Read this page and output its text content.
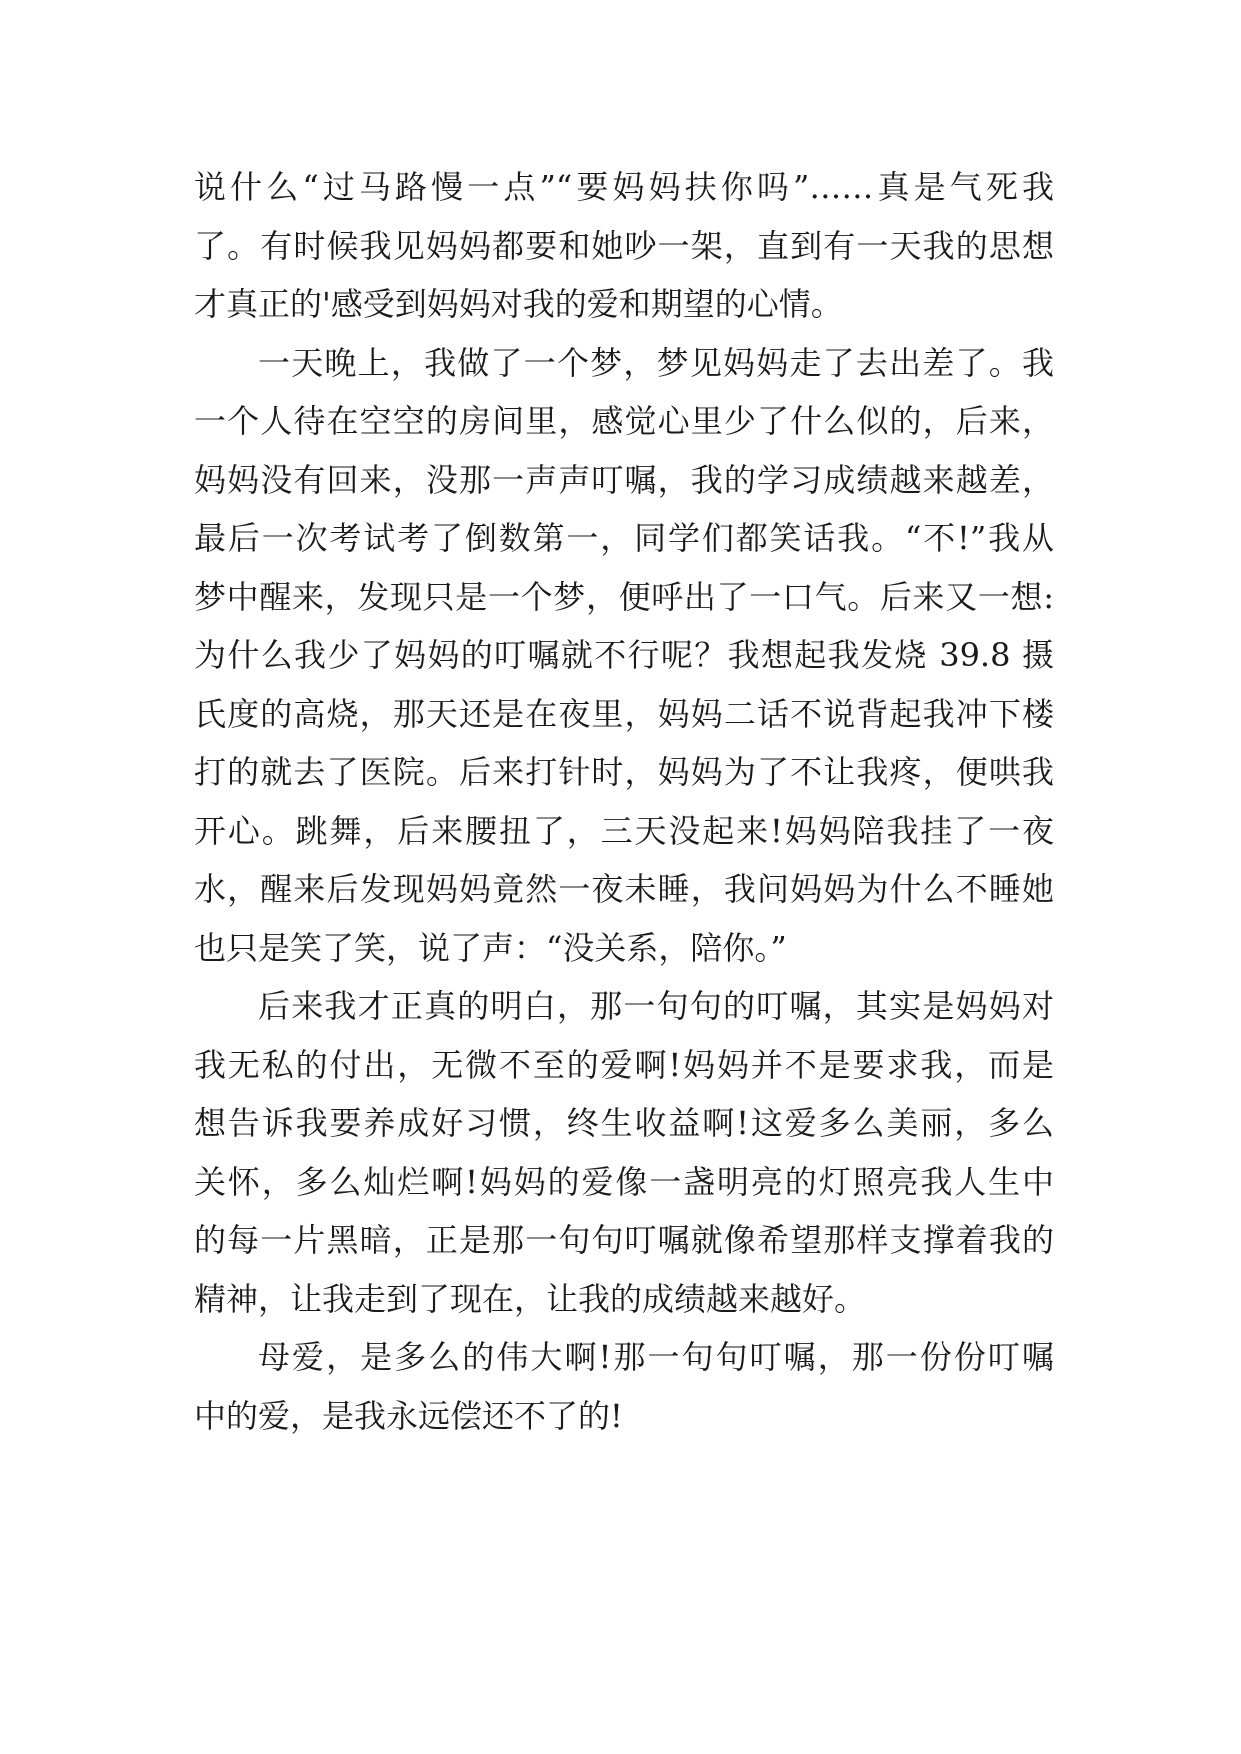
说什么“过马路慢一点”“要妈妈扶你吗”……真是气死我
了。有时候我见妈妈都要和她吵一架，直到有一天我的思想
才真正的'感受到妈妈对我的爱和期望的心情。
一天晚上，我做了一个梦，梦见妈妈走了去出差了。我
一个人待在空空的房间里，感觉心里少了什么似的，后来，
妈妈没有回来，没那一声声叮嘱，我的学习成绩越来越差，
最后一次考试考了倒数第一，同学们都笑话我。“不!”我从
梦中醒来，发现只是一个梦，便呼出了一口气。后来又一想:
为什么我少了妈妈的叮嘱就不行呢？我想起我发烧 39.8 摄
氏度的高烧，那天还是在夜里，妈妈二话不说背起我冲下楼
打的就去了医院。后来打针时，妈妈为了不让我疼，便哄我
开心。跳舞，后来腰扭了，三天没起来!妈妈陪我挂了一夜
水，醒来后发现妈妈竟然一夜未睡，我问妈妈为什么不睡她
也只是笑了笑，说了声：“没关系，陪你。”
后来我才正真的明白，那一句句的叮嘱，其实是妈妈对
我无私的付出，无微不至的爱啊!妈妈并不是要求我，而是
想告诉我要养成好习惯，终生收益啊!这爱多么美丽，多么
关怀，多么灿烂啊!妈妈的爱像一盏明亮的灯照亮我人生中
的每一片黑暗，正是那一句句叮嘱就像希望那样支撑着我的
精神，让我走到了现在，让我的成绩越来越好。
母爱，是多么的伟大啊!那一句句叮嘱，那一份份叮嘱
中的爱，是我永远偿还不了的!
